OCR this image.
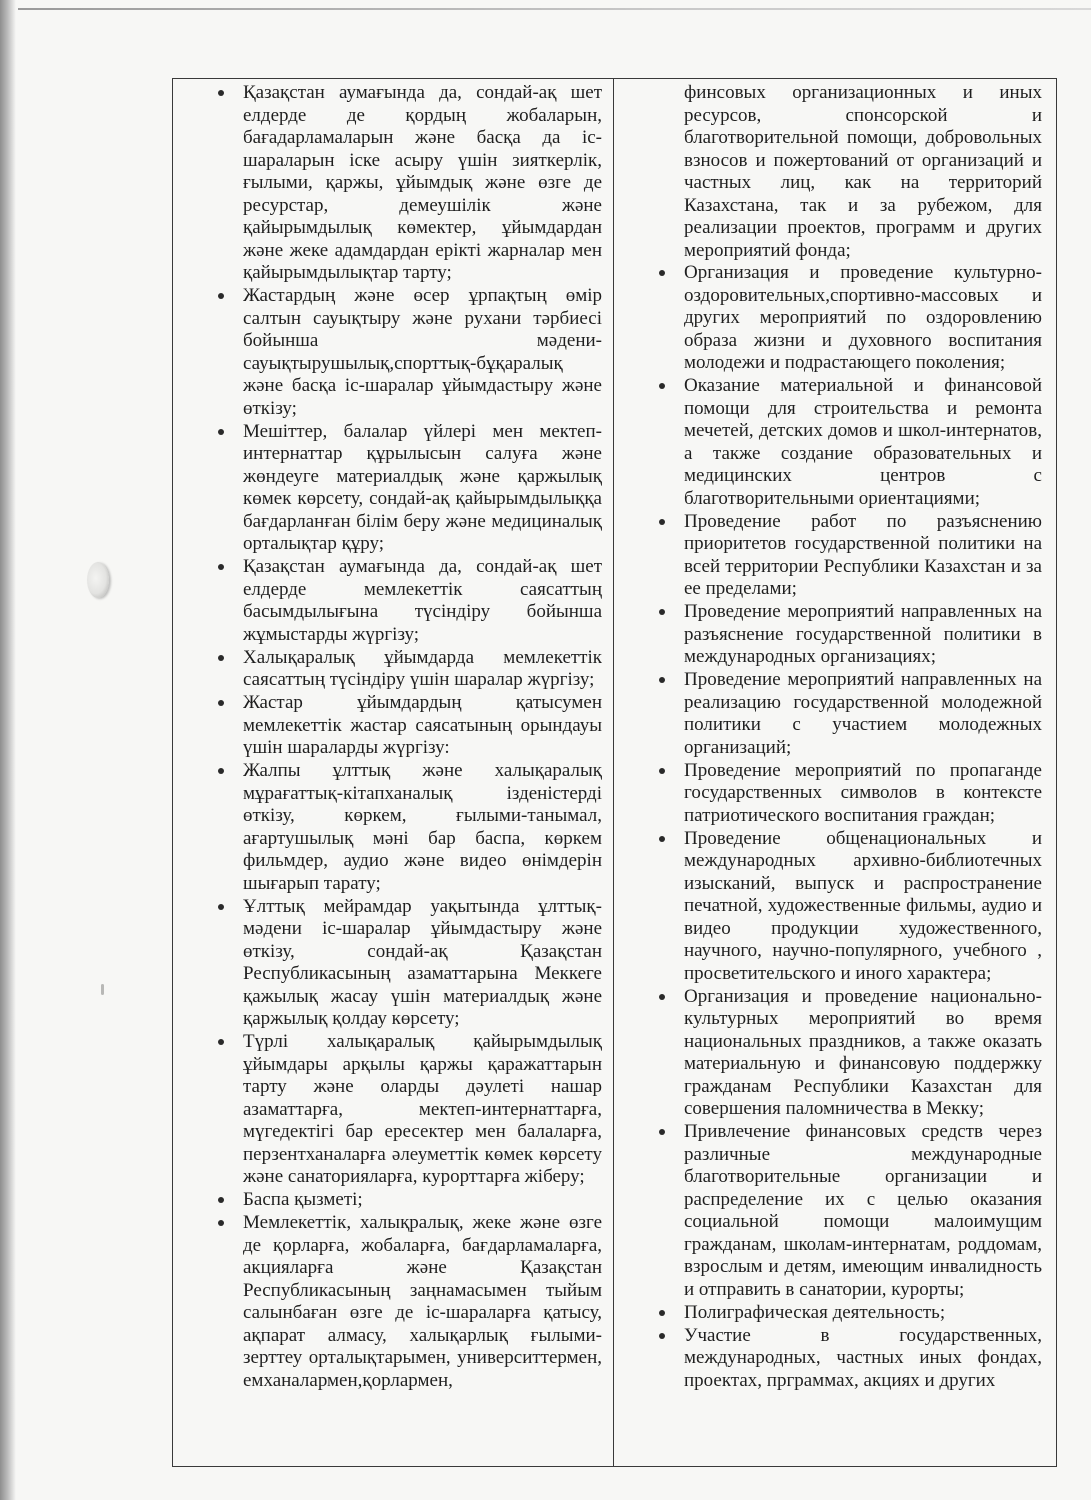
Қазақстан аумағында да, сондай-ақ шет елдерде де қордың жобаларын, бағадарламаларын және басқа да іс-шараларын іске асыру үшін зияткерлік, ғылыми, қаржы, ұйымдық және өзге де ресурстар, демеушілік және қайырымдылық көмектер, ұйымдардан және жеке адамдардан ерікті жарналар мен қайырымдылықтар тарту;
Жастардың және өсер ұрпақтың өмір салтын сауықтыру және рухани тәрбиесі бойынша мәдени-сауықтырушылық,спорттық-бұқаралық және басқа іс-шаралар ұйымдастыру және өткізу;
Мешіттер, балалар үйлері мен мектеп-интернаттар құрылысын салуға және жөндеуге материалдық және қаржылық көмек көрсету, сондай-ақ қайырымдылыққа бағдарланған білім беру және медициналық орталықтар құру;
Қазақстан аумағында да, сондай-ақ шет елдерде мемлекеттік саясаттың басымдылығына түсіндіру бойынша жұмыстарды жүргізу;
Халықаралық ұйымдарда мемлекеттік саясаттың түсіндіру үшін шаралар жүргізу;
Жастар ұйымдардың қатысумен мемлекеттік жастар саясатының орындауы үшін шараларды жүргізу:
Жалпы ұлттық және халықаралық мұрағаттық-кітапханалық ізденістерді өткізу, көркем, ғылыми-танымал, ағартушылық мәні бар баспа, көркем фильмдер, аудио және видео өнімдерін шығарып тарату;
Ұлттық мейрамдар уақытында ұлттық-мәдени іс-шаралар ұйымдастыру және өткізу, сондай-ақ Қазақстан Республикасының азаматтарына Меккеге қажылық жасау үшін материалдық және қаржылық қолдау көрсету;
Түрлі халықаралық қайырымдылық ұйымдары арқылы қаржы қаражаттарын тарту және оларды дәулеті нашар азаматтарға, мектеп-интернаттарға, мүгедектігі бар ересектер мен балаларға, перзентханаларға әлеуметтік көмек көрсету және санаторияларға, курорттарға жіберу;
Баспа қызметі;
Мемлекеттік, халықралық, жеке және өзге де қорларға, жобаларға, бағдарламаларға, акцияларға және Қазақстан Республикасының заңнамасымен тыйым салынбаған өзге де іс-шараларға қатысу, ақпарат алмасу, халықарлық ғылыми-зерттеу орталықтарымен, университтермен, емханалармен,қорлармен,
финсовых организационных и иных ресурсов, спонсорской и благотворительной помощи, добровольных взносов и пожертований от организаций и частных лиц, как на территорий Казахстана, так и за рубежом, для реализации проектов, программ и других мероприятий фонда;
Организация и проведение культурно-оздоровительных,спортивно-массовых и других мероприятий по оздоровлению образа жизни и духовного воспитания молодежи и подрастающего поколения;
Оказание материальной и финансовой помощи для строительства и ремонта мечетей, детских домов и школ-интернатов, а также создание образовательных и медицинских центров с благотворительными ориентациями;
Проведение работ по разъяснению приоритетов государственной политики на всей территории Республики Казахстан и за ее пределами;
Проведение мероприятий направленных на разъяснение государственной политики в международных организациях;
Проведение мероприятий направленных на реализацию государственной молодежной политики с участием молодежных организаций;
Проведение мероприятий по пропаганде государственных символов в контексте патриотического воспитания граждан;
Проведение общенациональных и международных архивно-библиотечных изысканий, выпуск и распространение печатной, художественные фильмы, аудио и видео продукции художественного, научного, научно-популярного, учебного , просветительского и иного характера;
Организация и проведение национально-культурных мероприятий во время национальных праздников, а также оказать материальную и финансовую поддержку гражданам Республики Казахстан для совершения паломничества в Мекку;
Привлечение финансовых средств через различные международные благотворительные организации и распределение их с целью оказания социальной помощи малоимущим гражданам, школам-интернатам, роддомам, взрослым и детям, имеющим инвалидность и отправить в санатории, курорты;
Полиграфическая деятельность;
Участие в государственных, международных, частных иных фондах, проектах, прграммах, акциях и других
